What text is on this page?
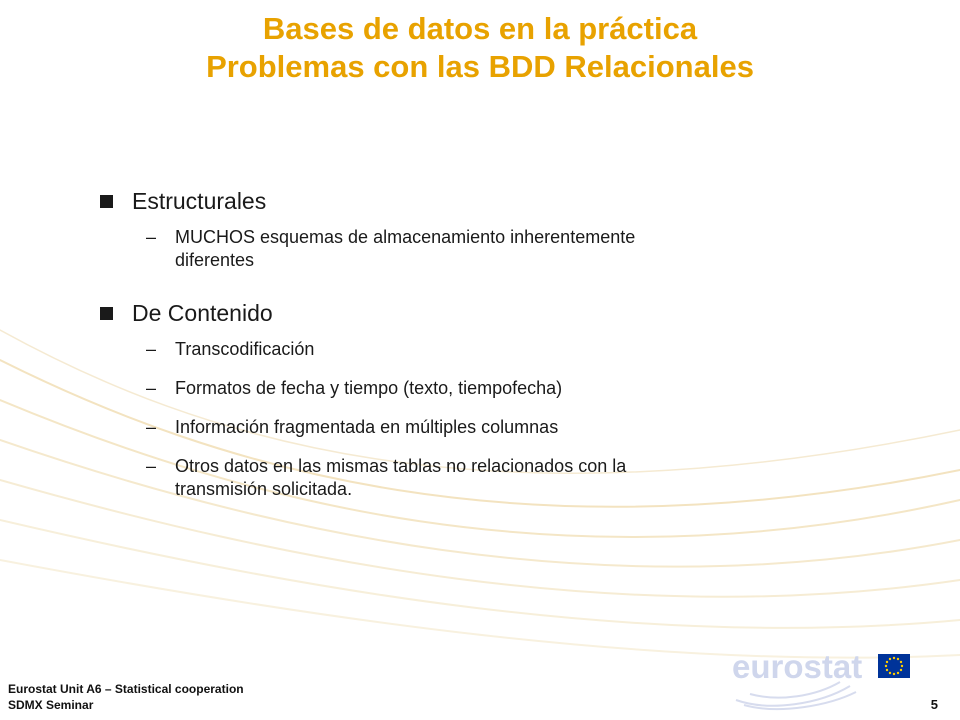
Bases de datos en la práctica
Problemas con las BDD Relacionales
Estructurales
– MUCHOS esquemas de almacenamiento inherentemente
diferentes
De Contenido
– Transcodificación
– Formatos de fecha y tiempo (texto, tiempofecha)
– Información fragmentada en múltiples columnas
– Otros datos en las mismas tablas no relacionados con la
transmisión solicitada.
eurostat
Eurostat Unit A6 – Statistical cooperation
SDMX Seminar	5
